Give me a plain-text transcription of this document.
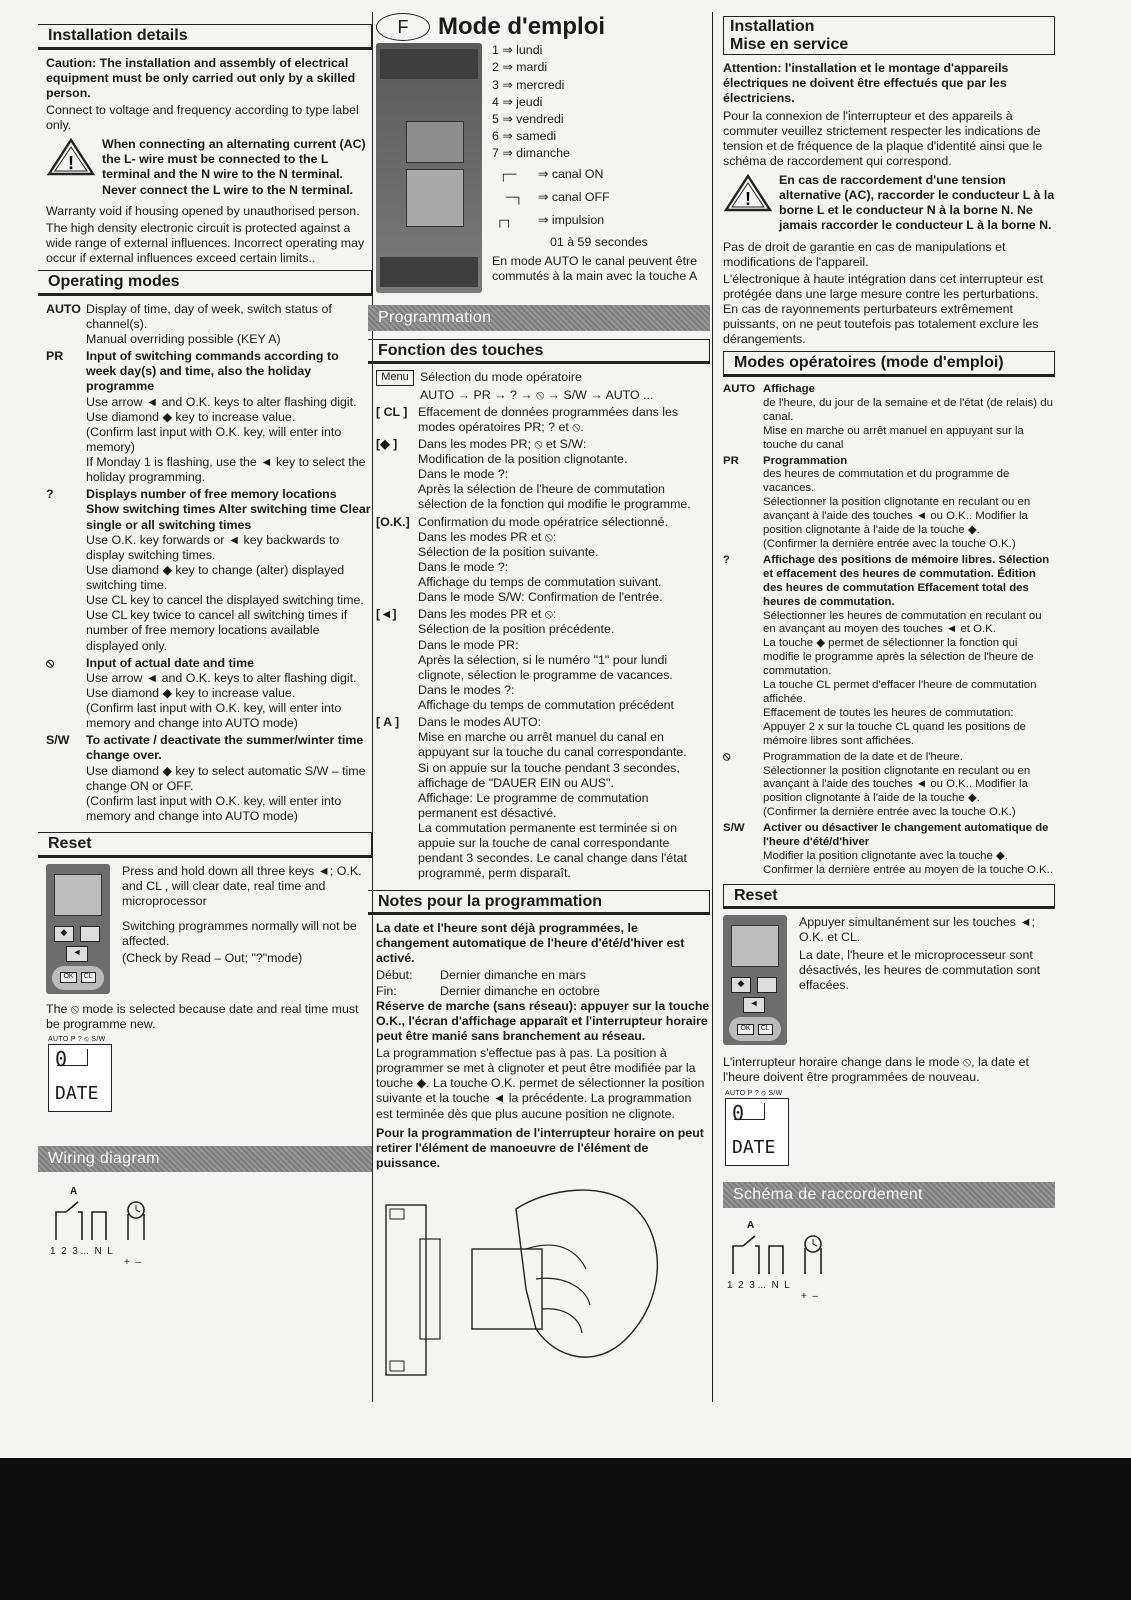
Installation details

Caution: The installation and assembly of electrical equipment must be only carried out only by a skilled person.

Connect to voltage and frequency according to type label only.

!

When connecting an alternating current (AC) the L- wire must be connected to the L terminal and the N wire to the N terminal. Never connect the L wire to the N terminal.

Warranty void if housing opened by unauthorised person.

The high density electronic circuit is protected against a wide range of external influences. Incorrect operating may occur if external influences exceed certain limits..

Operating modes
AUTO Display of time, day of week, switch status of channel(s).
Manual overriding possible (KEY A)
PR	Input of switching commands according to week day(s) and time, also the holiday programme
Use arrow ◄ and O.K. keys to alter flashing digit.
Use diamond ◆ key to increase value.
(Confirm last input with O.K. key, will enter into memory)
If Monday 1 is flashing, use the ◄ key to select the holiday programming.
?	Displays number of free memory locations Show switching times Alter switching time Clear single or all switching times
Use O.K. key forwards or ◄ key backwards to display switching times.
Use diamond ◆ key to change (alter) displayed switching time.
Use CL key to cancel the displayed switching time.
Use CL key twice to cancel all switching times if number of free memory locations available displayed only.
⦸	Input of actual date and time
Use arrow ◄ and O.K. keys to alter flashing digit.
Use diamond ◆ key to increase value.
(Confirm last input with O.K. key, will enter into memory and change into AUTO mode)
S/W	To activate / deactivate the summer/winter time change over.
Use diamond ◆ key to select automatic S/W – time change ON or OFF.
(Confirm last input with O.K. key, will enter into memory and change into AUTO mode)
Reset
◆
◄
OK	CL

Press and hold down all three keys ◄; O.K. and CL , will clear date, real time and microprocessor

Switching programmes normally will not be affected.

(Check by Read – Out; "?"mode)

The ⦸ mode is selected because date and real time must be programme new.

AUTO P ? ⦸ S/W
0
DATE
Wiring diagram
A
1  2  3 ...  N  L
+  –
F	Mode d'emploi
1 ⇒ lundi
2 ⇒ mardi
3 ⇒ mercredi
4 ⇒ jeudi
5 ⇒ vendredi
6 ⇒ samedi
7 ⇒ dimanche
┌─ ⇒ canal ON
─┐ ⇒ canal OFF
┌┐ ⇒ impulsion
01 à 59 secondes

En mode AUTO le canal peuvent être commutés à la main avec la touche A

Programmation
Fonction des touches
Menu Sélection du mode opératoire

AUTO → PR → ? → ⦸ → S/W → AUTO ...

[ CL ] Effacement de données programmées dans les modes opératoires PR; ? et ⦸.
[◆ ]	Dans les modes PR; ⦸ et S/W:
Modification de la position clignotante.
Dans le mode ?:
Après la sélection de l'heure de commutation sélection de la fonction qui modifie le programme.
[O.K.] Confirmation du mode opératrice sélectionné.
Dans les modes PR et ⦸:
Sélection de la position suivante.
Dans le mode ?:
Affichage du temps de commutation suivant.
Dans le mode S/W: Confirmation de l'entrée.
[◄]	Dans les modes PR et ⦸:
Sélection de la position précédente.
Dans le mode PR:
Après la sélection, si le numéro "1" pour lundi clignote, sélection le programme de vacances.
Dans le modes ?:
Affichage du temps de commutation précédent
[ A ]	Dans le modes AUTO:
Mise en marche ou arrêt manuel du canal en appuyant sur la touche du canal correspondante.
Si on appuie sur la touche pendant 3 secondes, affichage de "DAUER EIN ou AUS".
Affichage: Le programme de commutation permanent est désactivé.
La commutation permanente est terminée si on appuie sur la touche de canal correspondante pendant 3 secondes. Le canal change dans l'état programmé, perm disparaît.
Notes pour la programmation

La date et l'heure sont déjà programmées, le changement automatique de l'heure d'été/d'hiver est activé.

Début:	Dernier dimanche en mars
Fin:	Dernier dimanche en octobre

Réserve de marche (sans réseau): appuyer sur la touche O.K., l'écran d'affichage apparaît et l'interrupteur horaire peut être manié sans branchement au réseau.

La programmation s'effectue pas à pas. La position à programmer se met à clignoter et peut être modifiée par la touche ◆. La touche O.K. permet de sélectionner la position suivante et la touche ◄ la précédente. La programmation est terminée dès que plus aucune position ne clignote.

Pour la programmation de l'interrupteur horaire on peut retirer l'élément de manoeuvre de l'élément de puissance.

Installation
Mise en service

Attention: l'installation et le montage d'appareils électriques ne doivent être effectués que par les électriciens.

Pour la connexion de l'interrupteur et des appareils à commuter veuillez strictement respecter les indications de tension et de fréquence de la plaque d'identité ainsi que le schéma de raccordement qui correspond.

!

En cas de raccordement d'une tension alternative (AC), raccorder le conducteur L à la borne L et le conducteur N à la borne N. Ne jamais raccorder le conducteur L à la borne N.

Pas de droit de garantie en cas de manipulations et modifications de l'appareil.

L'électronique à haute intégration dans cet interrupteur est protégée dans une large mesure contre les perturbations. En cas de rayonnements perturbateurs extrêmement puissants, on ne peut toutefois pas totalement exclure les dérangements.

Modes opératoires (mode d'emploi)
AUTO Affichage
de l'heure, du jour de la semaine et de l'état (de relais) du canal.
Mise en marche ou arrêt manuel en appuyant sur la touche du canal
PR	Programmation
des heures de commutation et du programme de vacances.
Sélectionner la position clignotante en reculant ou en avançant à l'aide des touches ◄ ou O.K.. Modifier la position clignotante à l'aide de la touche ◆.
(Confirmer la dernière entrée avec la touche O.K.)
?	Affichage des positions de mémoire libres. Sélection et effacement des heures de commutation. Édition des heures de commutation Effacement total des heures de commutation.
Sélectionner les heures de commutation en reculant ou en avançant au moyen des touches ◄ et O.K.
La touche ◆ permet de sélectionner la fonction qui modifie le programme après la sélection de l'heure de commutation.
La touche CL permet d'effacer l'heure de commutation affichée.
Effacement de toutes les heures de commutation: Appuyer 2 x sur la touche CL quand les positions de mémoire libres sont affichées.
⦸	Programmation de la date et de l'heure.
Sélectionner la position clignotante en reculant ou en avançant à l'aide des touches ◄ ou O.K.. Modifier la position clignotante à l'aide de la touche ◆.
(Confirmer la dernière entrée avec la touche O.K.)
S/W	Activer ou désactiver le changement automatique de l'heure d'été/d'hiver
Modifier la position clignotante avec la touche ◆.
Confirmer la dernière entrée au moyen de la touche O.K..
Reset
◆
◄
OK	CL

Appuyer simultanément sur les touches ◄; O.K. et CL.

La date, l'heure et le microprocesseur sont désactivés, les heures de commutation sont effacées.

L'interrupteur horaire change dans le mode ⦸, la date et l'heure doivent être programmées de nouveau.

AUTO P ? ⦸ S/W
0
DATE
Schéma de raccordement
A
1  2  3 ...  N  L
+  –
